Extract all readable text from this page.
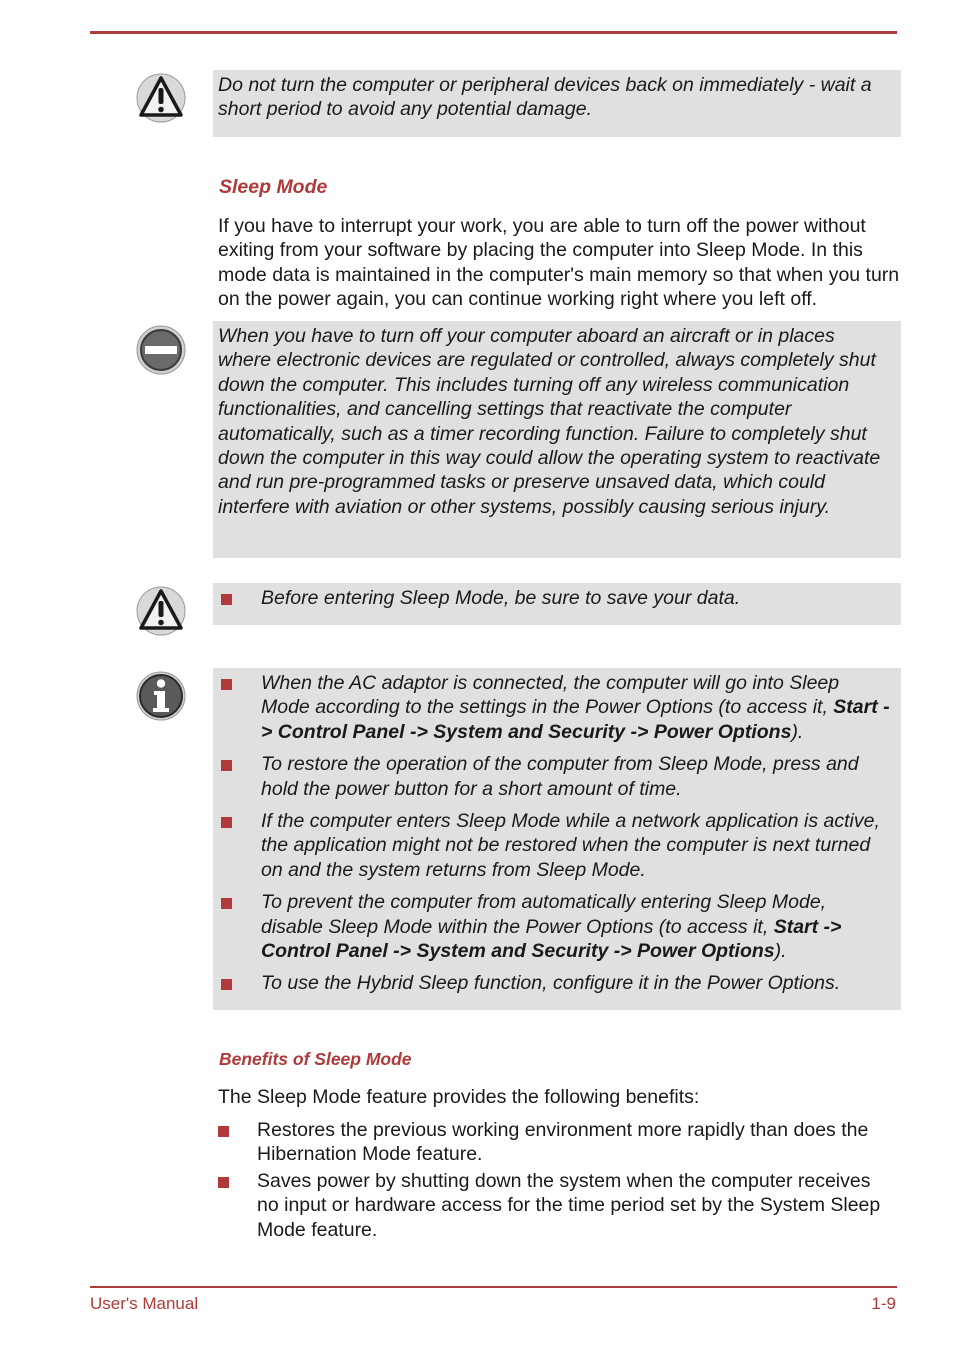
Do not turn the computer or peripheral devices back on immediately - wait a short period to avoid any potential damage.
Sleep Mode
If you have to interrupt your work, you are able to turn off the power without exiting from your software by placing the computer into Sleep Mode. In this mode data is maintained in the computer's main memory so that when you turn on the power again, you can continue working right where you left off.
When you have to turn off your computer aboard an aircraft or in places where electronic devices are regulated or controlled, always completely shut down the computer. This includes turning off any wireless communication functionalities, and cancelling settings that reactivate the computer automatically, such as a timer recording function. Failure to completely shut down the computer in this way could allow the operating system to reactivate and run pre-programmed tasks or preserve unsaved data, which could interfere with aviation or other systems, possibly causing serious injury.
Before entering Sleep Mode, be sure to save your data.
When the AC adaptor is connected, the computer will go into Sleep Mode according to the settings in the Power Options (to access it, Start -> Control Panel -> System and Security -> Power Options).
To restore the operation of the computer from Sleep Mode, press and hold the power button for a short amount of time.
If the computer enters Sleep Mode while a network application is active, the application might not be restored when the computer is next turned on and the system returns from Sleep Mode.
To prevent the computer from automatically entering Sleep Mode, disable Sleep Mode within the Power Options (to access it, Start -> Control Panel -> System and Security -> Power Options).
To use the Hybrid Sleep function, configure it in the Power Options.
Benefits of Sleep Mode
The Sleep Mode feature provides the following benefits:
Restores the previous working environment more rapidly than does the Hibernation Mode feature.
Saves power by shutting down the system when the computer receives no input or hardware access for the time period set by the System Sleep Mode feature.
User's Manual	1-9
